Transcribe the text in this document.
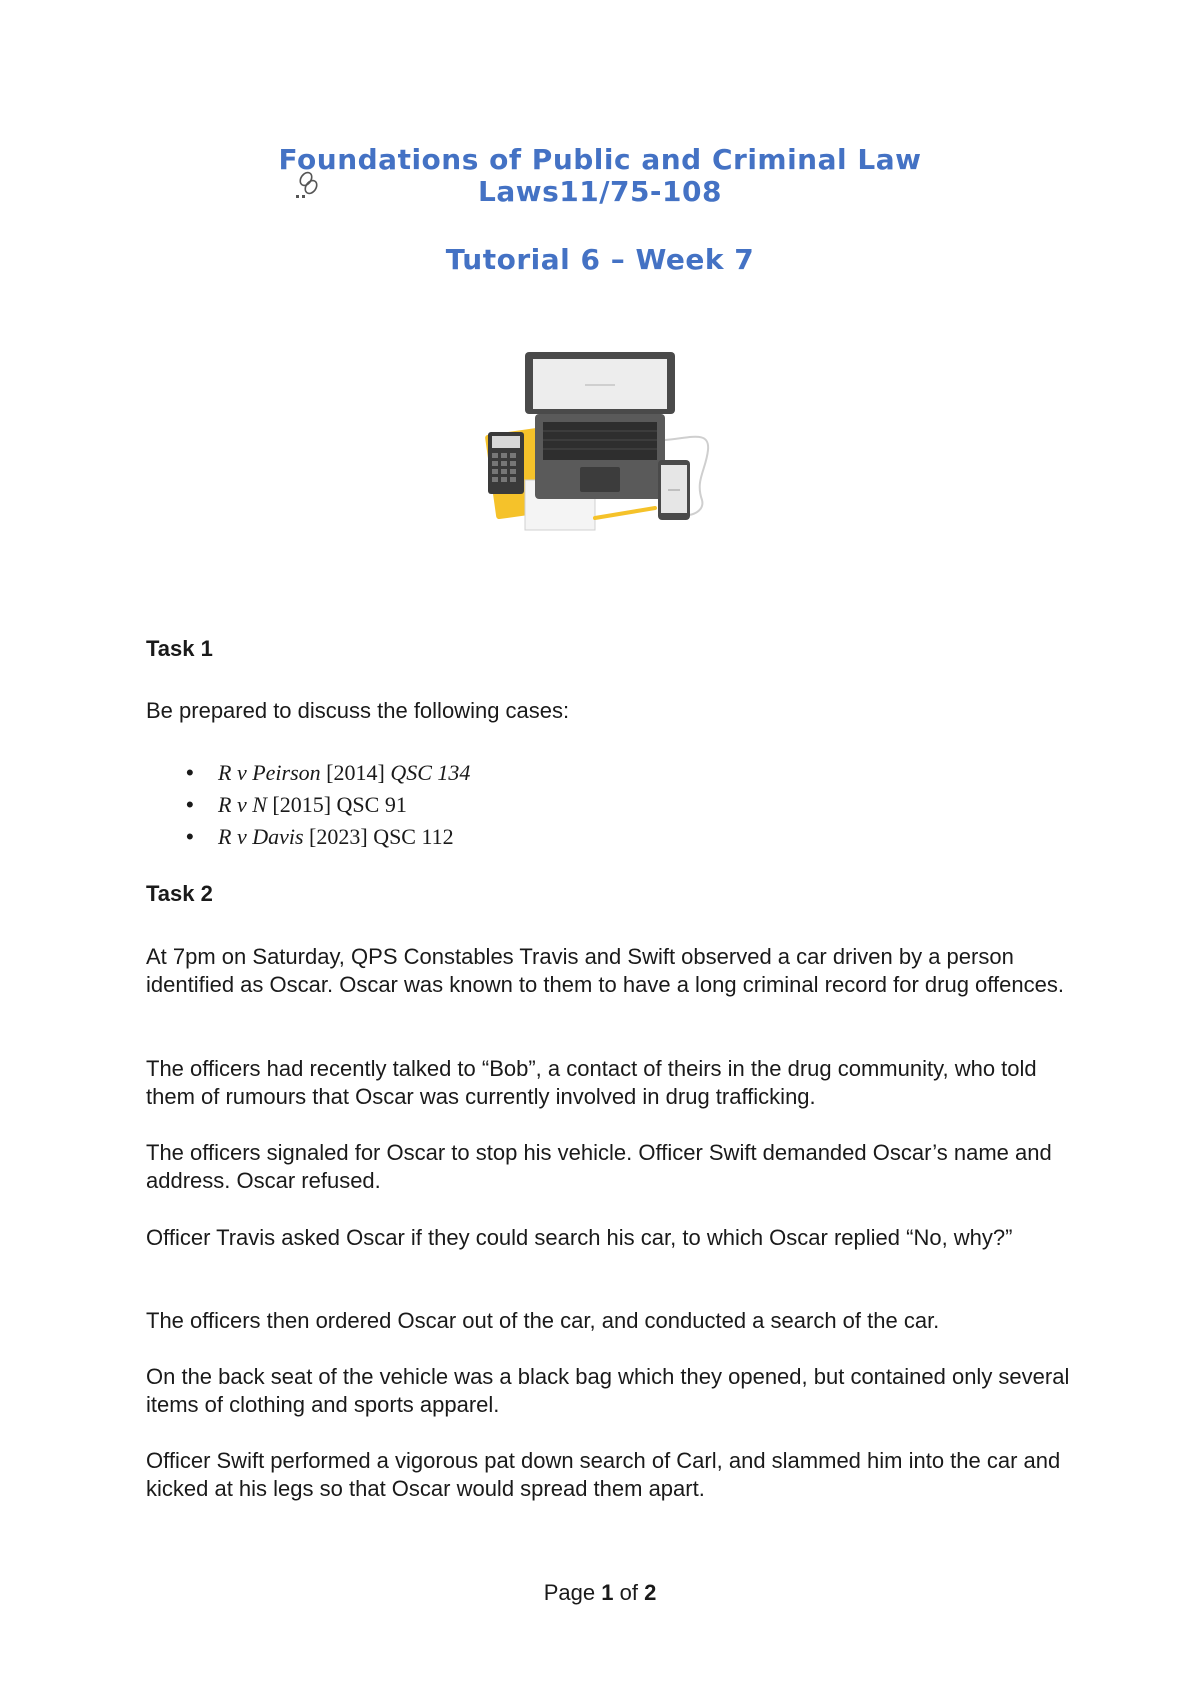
Foundations of Public and Criminal Law
Laws11/75-108
Tutorial 6 – Week 7
Task 1
Be prepared to discuss the following cases:
• R v Peirson [2014] QSC 134
• R v N [2015] QSC 91
• R v Davis [2023] QSC 112
Task 2
At 7pm on Saturday, QPS Constables Travis and Swift observed a car driven by a person identified as Oscar. Oscar was known to them to have a long criminal record for drug offences.
The officers had recently talked to “Bob”, a contact of theirs in the drug community, who told them of rumours that Oscar was currently involved in drug trafficking.
The officers signaled for Oscar to stop his vehicle. Officer Swift demanded Oscar’s name and address. Oscar refused.
Officer Travis asked Oscar if they could search his car, to which Oscar replied “No, why?”
The officers then ordered Oscar out of the car, and conducted a search of the car.
On the back seat of the vehicle was a black bag which they opened, but contained only several items of clothing and sports apparel.
Officer Swift performed a vigorous pat down search of Carl, and slammed him into the car and kicked at his legs so that Oscar would spread them apart.
Page 1 of 2
